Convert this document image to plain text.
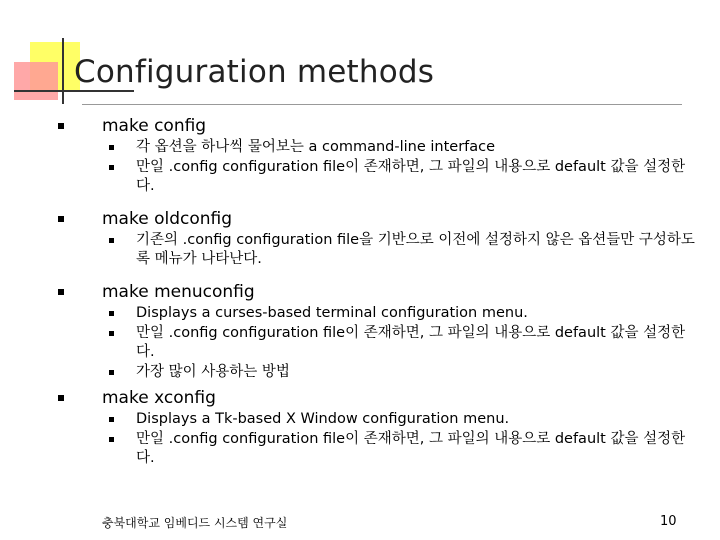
Configuration methods
make config
각 옵션을 하나씩 물어보는 a command-line interface
만일 .config configuration file이 존재하면, 그 파일의 내용으로 default 값을 설정한다.
make oldconfig
기존의 .config configuration file을 기반으로 이전에 설정하지 않은 옵션들만 구성하도록 메뉴가 나타난다.
make menuconfig
Displays a curses-based terminal configuration menu.
만일 .config configuration file이 존재하면, 그 파일의 내용으로 default 값을 설정한다.
가장 많이 사용하는 방법
make xconfig
Displays a Tk-based X Window configuration menu.
만일 .config configuration file이 존재하면, 그 파일의 내용으로 default 값을 설정한다.
충북대학교 임베디드 시스템 연구실	10
